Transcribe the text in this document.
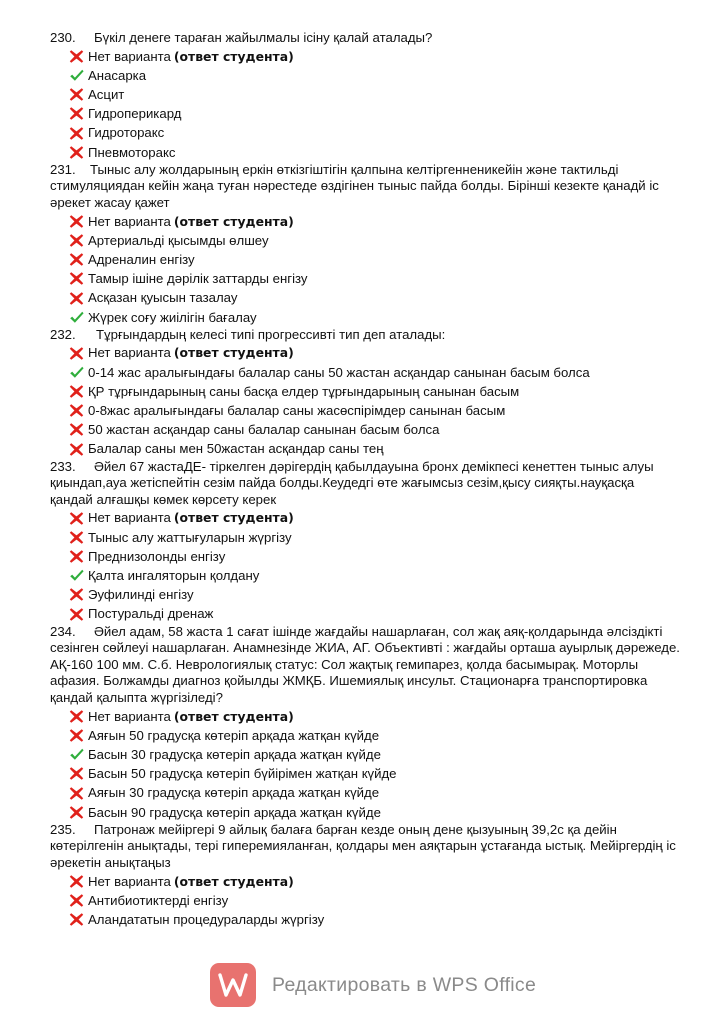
230. Бүкіл денеге тараған жайылмалы ісіну қалай аталады?
Нет варианта (ответ студента)
Анасарка
Асцит
Гидроперикард
Гидроторакс
Пневмоторакс
231. Тыныс алу жолдарының еркін өткізгіштігін қалпына келтіргенненикейін және тактильді стимуляциядан кейін жаңа туған нәрестеде өздігінен тыныс пайда болды. Бірінші кезекте қанадй іс әрекет жасау қажет
Нет варианта (ответ студента)
Артериальді қысымды өлшеу
Адреналин енгізу
Тамыр ішіне дәрілік заттарды енгізу
Асқазан қуысын тазалау
Жүрек соғу жиілігін бағалау
232. Тұрғындардың келесі типі прогрессивті тип деп аталады:
Нет варианта (ответ студента)
0-14 жас аралығындағы балалар саны 50 жастан асқандар санынан басым болса
ҚР тұрғындарының саны басқа елдер тұрғындарының санынан басым
0-8жас аралығындағы балалар саны жасөспірімдер санынан басым
50 жастан асқандар саны балалар санынан басым болса
Балалар саны мен 50жастан асқандар саны тең
233. Әйел 67 жастаДЕ- тіркелген дәрігердің қабылдауына бронх демікпесі кенеттен тыныс алуы қиындап,ауа жетіспейтін сезім пайда болды.Кеудедгі өте жағымсыз сезім,қысу сияқты.науқасқа қандай алғашқы көмек көрсету керек
Нет варианта (ответ студента)
Тыныс алу жаттығуларын жүргізу
Преднизолонды енгізу
Қалта ингаляторын қолдану
Эуфилинді енгізу
Постуральді дренаж
234. Әйел адам, 58 жаста 1 сағат ішінде жағдайы нашарлаған, сол жақ аяқ-қолдарында әлсіздікті сезінген сөйлеуі нашарлаған. Анамнезінде ЖИА, АГ. Объективті : жағдайы орташа ауырлық дәрежеде. АҚ-160 100 мм. С.б. Неврологиялық статус: Сол жақтық гемипарез, қолда басымырақ. Моторлы афазия. Болжамды диагноз қойылды ЖМҚБ. Ишемиялық инсульт. Стационарға транспортировка қандай қалыпта жүргізіледі?
Нет варианта (ответ студента)
Аяғын 50 градусқа көтеріп арқада жатқан күйде
Басын 30 градусқа көтеріп арқада жатқан күйде
Басын 50 градусқа көтеріп бүйірімен жатқан күйде
Аяғын 30 градусқа көтеріп арқада жатқан күйде
Басын 90 градусқа көтеріп арқада жатқан күйде
235. Патронаж мейіргері 9 айлық балаға барған кезде оның дене қызуының 39,2с қа дейін көтерілгенін анықтады, тері гиперемияланған, қолдары мен аяқтарын ұстағанда ыстық. Мейіргердің іс әрекетін анықтаңыз
Нет варианта (ответ студента)
Антибиотиктерді енгізу
Аландататын процедураларды жүргізу
Редактировать в WPS Office
